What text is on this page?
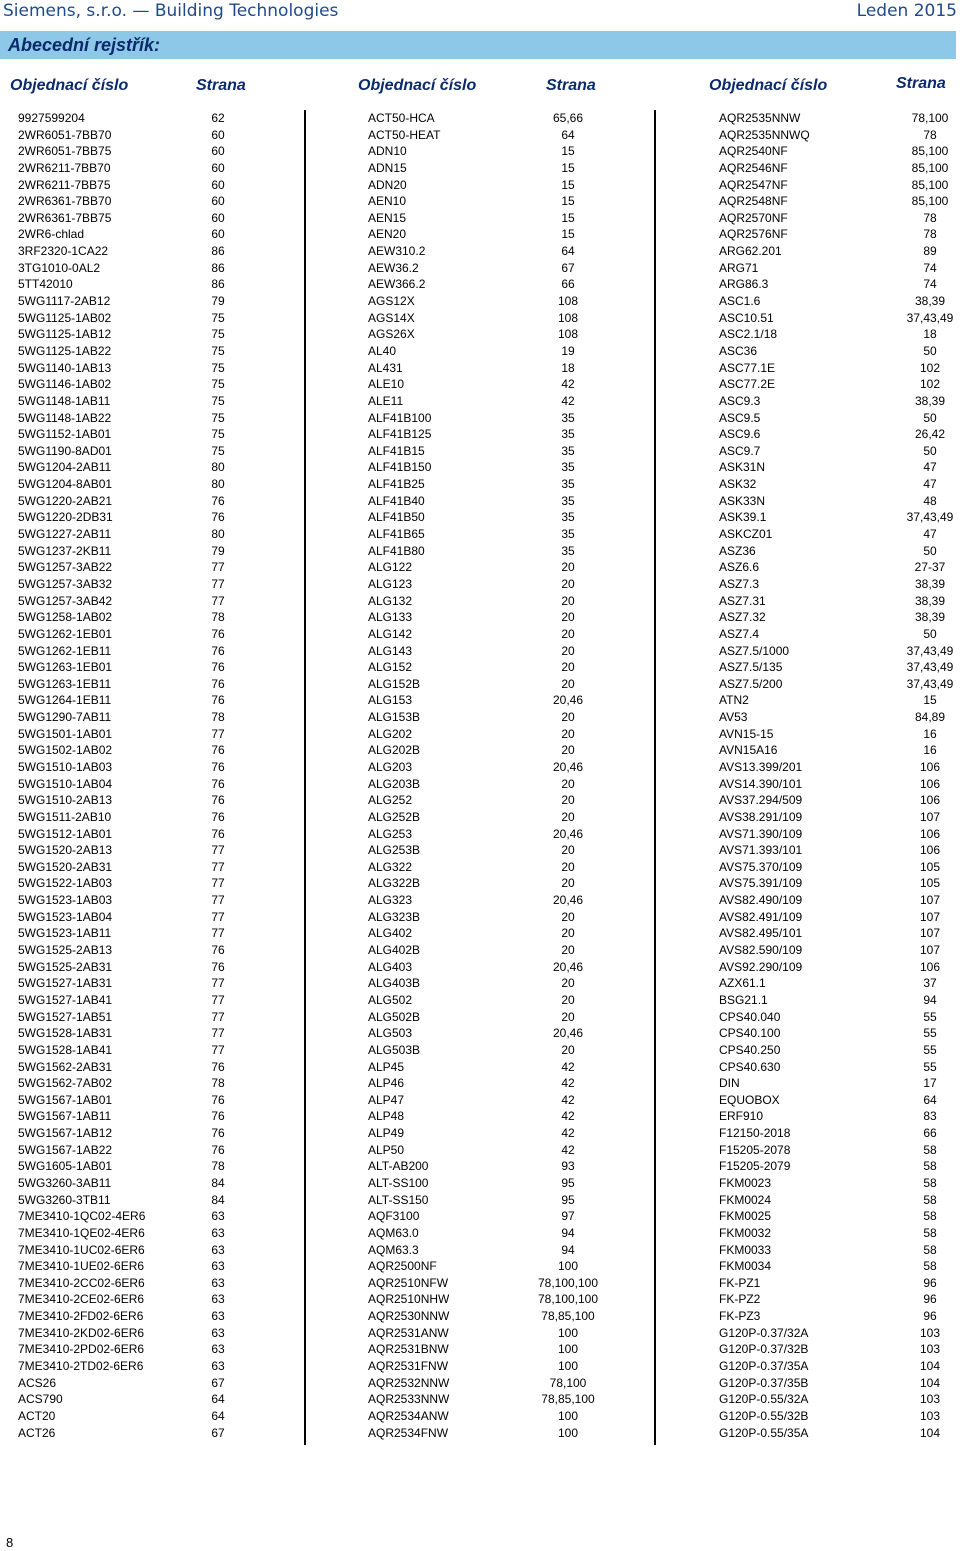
Siemens, s.r.o. — Building Technologies	Leden 2015
Abecední rejstřík:
Objednací číslo	Strana	Objednací číslo	Strana	Objednací číslo	Strana
9927599204	62
2WR6051-7BB70	60
2WR6051-7BB75	60
2WR6211-7BB70	60
2WR6211-7BB75	60
2WR6361-7BB70	60
2WR6361-7BB75	60
2WR6-chlad	60
3RF2320-1CA22	86
3TG1010-0AL2	86
5TT42010	86
5WG1117-2AB12	79
5WG1125-1AB02	75
5WG1125-1AB12	75
5WG1125-1AB22	75
5WG1140-1AB13	75
5WG1146-1AB02	75
5WG1148-1AB11	75
5WG1148-1AB22	75
5WG1152-1AB01	75
5WG1190-8AD01	75
5WG1204-2AB11	80
5WG1204-8AB01	80
5WG1220-2AB21	76
5WG1220-2DB31	76
5WG1227-2AB11	80
5WG1237-2KB11	79
5WG1257-3AB22	77
5WG1257-3AB32	77
5WG1257-3AB42	77
5WG1258-1AB02	78
5WG1262-1EB01	76
5WG1262-1EB11	76
5WG1263-1EB01	76
5WG1263-1EB11	76
5WG1264-1EB11	76
5WG1290-7AB11	78
5WG1501-1AB01	77
5WG1502-1AB02	76
5WG1510-1AB03	76
5WG1510-1AB04	76
5WG1510-2AB13	76
5WG1511-2AB10	76
5WG1512-1AB01	76
5WG1520-2AB13	77
5WG1520-2AB31	77
5WG1522-1AB03	77
5WG1523-1AB03	77
5WG1523-1AB04	77
5WG1523-1AB11	77
5WG1525-2AB13	76
5WG1525-2AB31	76
5WG1527-1AB31	77
5WG1527-1AB41	77
5WG1527-1AB51	77
5WG1528-1AB31	77
5WG1528-1AB41	77
5WG1562-2AB31	76
5WG1562-7AB02	78
5WG1567-1AB01	76
5WG1567-1AB11	76
5WG1567-1AB12	76
5WG1567-1AB22	76
5WG1605-1AB01	78
5WG3260-3AB11	84
5WG3260-3TB11	84
7ME3410-1QC02-4ER6	63
7ME3410-1QE02-4ER6	63
7ME3410-1UC02-6ER6	63
7ME3410-1UE02-6ER6	63
7ME3410-2CC02-6ER6	63
7ME3410-2CE02-6ER6	63
7ME3410-2FD02-6ER6	63
7ME3410-2KD02-6ER6	63
7ME3410-2PD02-6ER6	63
7ME3410-2TD02-6ER6	63
ACS26	67
ACS790	64
ACT20	64
ACT26	67
ACT50-HCA	65,66
ACT50-HEAT	64
ADN10	15
ADN15	15
ADN20	15
AEN10	15
AEN15	15
AEN20	15
AEW310.2	64
AEW36.2	67
AEW366.2	66
AGS12X	108
AGS14X	108
AGS26X	108
AL40	19
AL431	18
ALE10	42
ALE11	42
ALF41B100	35
ALF41B125	35
ALF41B15	35
ALF41B150	35
ALF41B25	35
ALF41B40	35
ALF41B50	35
ALF41B65	35
ALF41B80	35
ALG122	20
ALG123	20
ALG132	20
ALG133	20
ALG142	20
ALG143	20
ALG152	20
ALG152B	20
ALG153	20,46
ALG153B	20
ALG202	20
ALG202B	20
ALG203	20,46
ALG203B	20
ALG252	20
ALG252B	20
ALG253	20,46
ALG253B	20
ALG322	20
ALG322B	20
ALG323	20,46
ALG323B	20
ALG402	20
ALG402B	20
ALG403	20,46
ALG403B	20
ALG502	20
ALG502B	20
ALG503	20,46
ALG503B	20
ALP45	42
ALP46	42
ALP47	42
ALP48	42
ALP49	42
ALP50	42
ALT-AB200	93
ALT-SS100	95
ALT-SS150	95
AQF3100	97
AQM63.0	94
AQM63.3	94
AQR2500NF	100
AQR2510NFW	78,100,100
AQR2510NHW	78,100,100
AQR2530NNW	78,85,100
AQR2531ANW	100
AQR2531BNW	100
AQR2531FNW	100
AQR2532NNW	78,100
AQR2533NNW	78,85,100
AQR2534ANW	100
AQR2534FNW	100
AQR2535NNW	78,100
AQR2535NNWQ	78
AQR2540NF	85,100
AQR2546NF	85,100
AQR2547NF	85,100
AQR2548NF	85,100
AQR2570NF	78
AQR2576NF	78
ARG62.201	89
ARG71	74
ARG86.3	74
ASC1.6	38,39
ASC10.51	37,43,49
ASC2.1/18	18
ASC36	50
ASC77.1E	102
ASC77.2E	102
ASC9.3	38,39
ASC9.5	50
ASC9.6	26,42
ASC9.7	50
ASK31N	47
ASK32	47
ASK33N	48
ASK39.1	37,43,49
ASKCZ01	47
ASZ36	50
ASZ6.6	27-37
ASZ7.3	38,39
ASZ7.31	38,39
ASZ7.32	38,39
ASZ7.4	50
ASZ7.5/1000	37,43,49
ASZ7.5/135	37,43,49
ASZ7.5/200	37,43,49
ATN2	15
AV53	84,89
AVN15-15	16
AVN15A16	16
AVS13.399/201	106
AVS14.390/101	106
AVS37.294/509	106
AVS38.291/109	107
AVS71.390/109	106
AVS71.393/101	106
AVS75.370/109	105
AVS75.391/109	105
AVS82.490/109	107
AVS82.491/109	107
AVS82.495/101	107
AVS82.590/109	107
AVS92.290/109	106
AZX61.1	37
BSG21.1	94
CPS40.040	55
CPS40.100	55
CPS40.250	55
CPS40.630	55
DIN	17
EQUOBOX	64
ERF910	83
F12150-2018	66
F15205-2078	58
F15205-2079	58
FKM0023	58
FKM0024	58
FKM0025	58
FKM0032	58
FKM0033	58
FKM0034	58
FK-PZ1	96
FK-PZ2	96
FK-PZ3	96
G120P-0.37/32A	103
G120P-0.37/32B	103
G120P-0.37/35A	104
G120P-0.37/35B	104
G120P-0.55/32A	103
G120P-0.55/32B	103
G120P-0.55/35A	104
8
